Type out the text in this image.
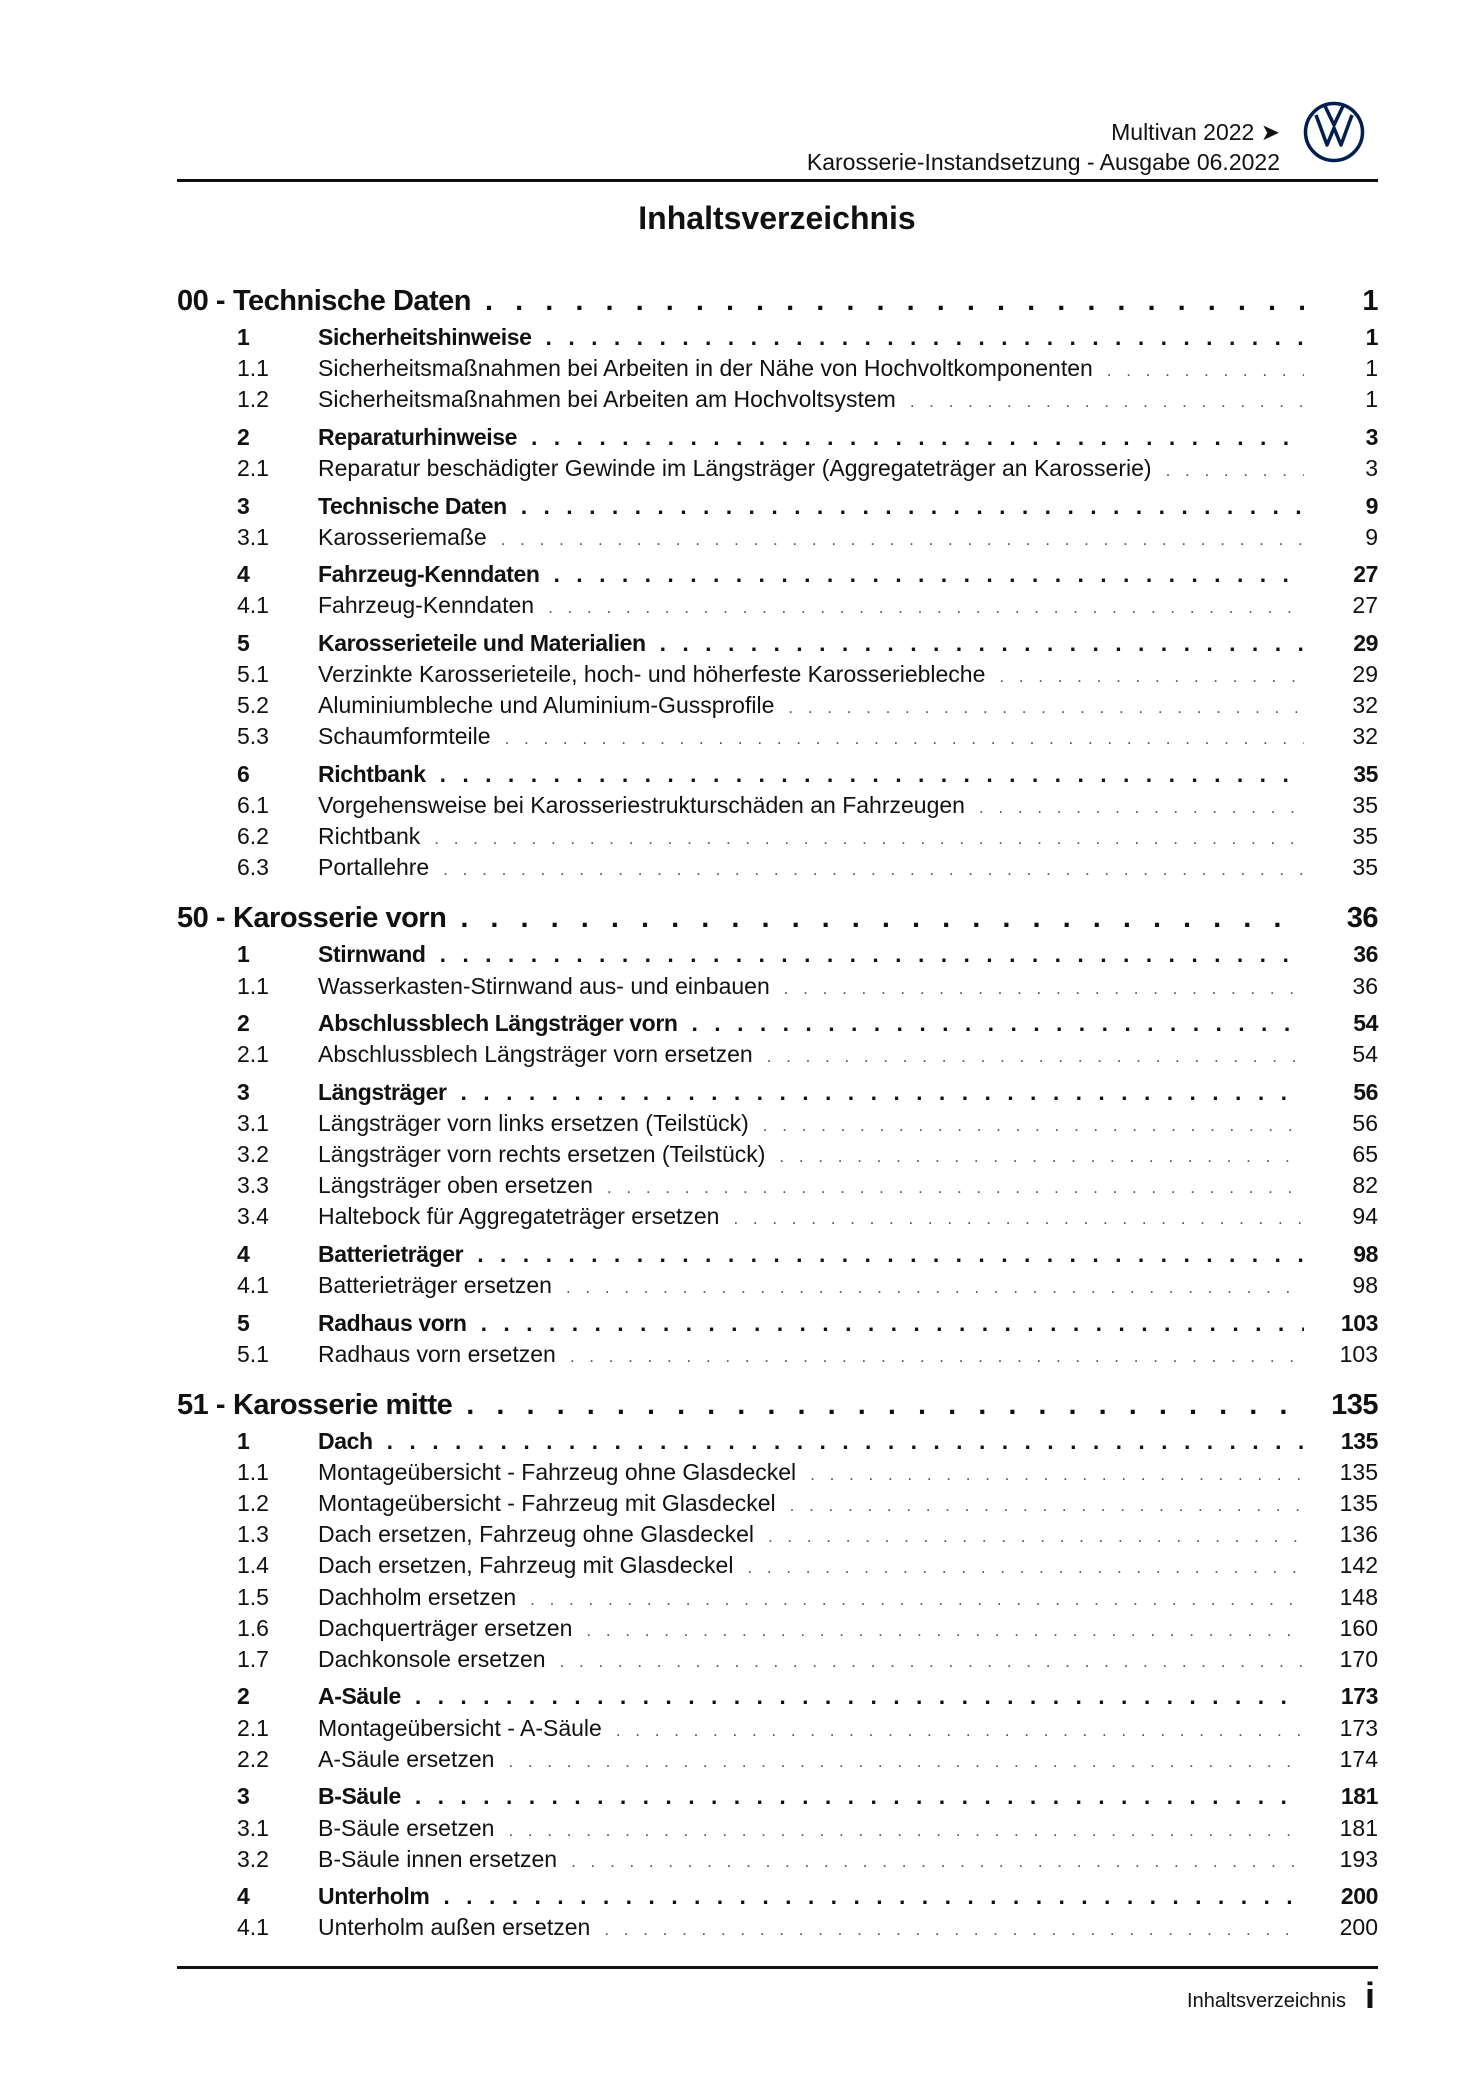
Multivan 2022 ➤
Karosserie-Instandsetzung - Ausgabe 06.2022
Inhaltsverzeichnis
00 - Technische Daten . . .	1
1	Sicherheitshinweise . . .	1
1.1	Sicherheitsmaßnahmen bei Arbeiten in der Nähe von Hochvoltkomponenten . . .	1
1.2	Sicherheitsmaßnahmen bei Arbeiten am Hochvoltsystem . . .	1
2	Reparaturhinweise . . .	3
2.1	Reparatur beschädigter Gewinde im Längsträger (Aggregateträger an Karosserie) . . .	3
3	Technische Daten . . .	9
3.1	Karosseriemaße . . .	9
4	Fahrzeug-Kenndaten . . .	27
4.1	Fahrzeug-Kenndaten . . .	27
5	Karosserieteile und Materialien . . .	29
5.1	Verzinkte Karosserieteile, hoch- und höherfeste Karosseriebleche . . .	29
5.2	Aluminiumbleche und Aluminium-Gussprofile . . .	32
5.3	Schaumformteile . . .	32
6	Richtbank . . .	35
6.1	Vorgehensweise bei Karosseriestrukturschäden an Fahrzeugen . . .	35
6.2	Richtbank . . .	35
6.3	Portallehre . . .	35
50 - Karosserie vorn . . .	36
1	Stirnwand . . .	36
1.1	Wasserkasten-Stirnwand aus- und einbauen . . .	36
2	Abschlussblech Längsträger vorn . . .	54
2.1	Abschlussblech Längsträger vorn ersetzen . . .	54
3	Längsträger . . .	56
3.1	Längsträger vorn links ersetzen (Teilstück) . . .	56
3.2	Längsträger vorn rechts ersetzen (Teilstück) . . .	65
3.3	Längsträger oben ersetzen . . .	82
3.4	Haltebock für Aggregateträger ersetzen . . .	94
4	Batterieträger . . .	98
4.1	Batterieträger ersetzen . . .	98
5	Radhaus vorn . . .	103
5.1	Radhaus vorn ersetzen . . .	103
51 - Karosserie mitte . . .	135
1	Dach . . .	135
1.1	Montageübersicht - Fahrzeug ohne Glasdeckel . . .	135
1.2	Montageübersicht - Fahrzeug mit Glasdeckel . . .	135
1.3	Dach ersetzen, Fahrzeug ohne Glasdeckel . . .	136
1.4	Dach ersetzen, Fahrzeug mit Glasdeckel . . .	142
1.5	Dachholm ersetzen . . .	148
1.6	Dachquerträger ersetzen . . .	160
1.7	Dachkonsole ersetzen . . .	170
2	A-Säule . . .	173
2.1	Montageübersicht - A-Säule . . .	173
2.2	A-Säule ersetzen . . .	174
3	B-Säule . . .	181
3.1	B-Säule ersetzen . . .	181
3.2	B-Säule innen ersetzen . . .	193
4	Unterholm . . .	200
4.1	Unterholm außen ersetzen . . .	200
Inhaltsverzeichnis i
